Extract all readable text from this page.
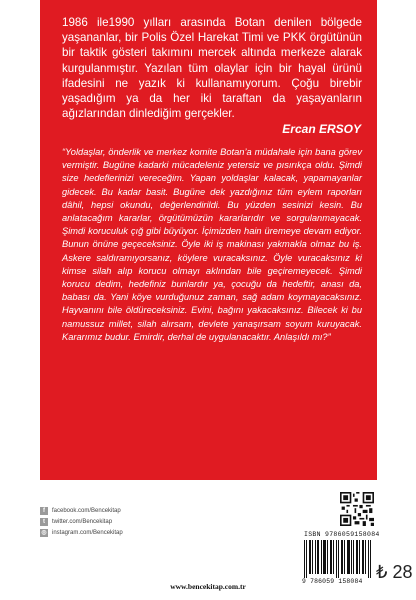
1986 ile1990 yılları arasında Botan denilen bölgede yaşananlar, bir Polis Özel Harekat Timi ve PKK örgütünün bir taktik gösteri takımını mercek altında merkeze alarak kurgulanmıştır. Yazılan tüm olaylar için bir hayal ürünü ifadesini ne yazık ki kullanamıyorum. Çoğu birebir yaşadığım ya da her iki taraftan da yaşayanların ağızlarından dinlediğim gerçekler.

Ercan ERSOY

“Yoldaşlar, önderlik ve merkez komite Botan’a müdahale için bana görev vermiştir. Bugüne kadarki mücadeleniz yetersiz ve pısırıkça oldu. Şimdi size hedeflerinizi vereceğim. Yapan yoldaşlar kalacak, yapamayanlar gidecek. Bu kadar basit. Bugüne dek yazdığınız tüm eylem raporları dâhil, hepsi okundu, değerlendirildi. Bu yüzden sesinizi kesin. Bu anlatacağım kararlar, örgütümüzün kararlarıdır ve sorgulanmayacak. Şimdi koruculuk çığ gibi büyüyor. İçimizden hain üremeye devam ediyor. Bunun önüne geçeceksiniz. Öyle iki iş makinası yakmakla olmaz bu iş. Askere saldıramıyorsanız, köylere vuracaksınız. Öyle vuracaksınız ki kimse silah alıp korucu olmayı aklından bile geçiremeyecek. Şimdi korucu dedim, hedefiniz bunlardır ya, çocuğu da hedeftir, anası da, babası da. Yani köye vurduğunuz zaman, sağ adam koymayacaksınız. Hayvanını bile öldüreceksiniz. Evini, bağını yakacaksınız. Bilecek ki bu namussuz millet, silah alırsam, devlete yanaşırsam soyum kuruyacak. Kararımız budur. Emirdir, derhal de uygulanacaktır. Anlaşıldı mı?”

f	facebook.com/Bencekitap
t	twitter.com/Bencekitap
◎ instagram.com/Bencekitap	ISBN 9786059158084
9 786059 158084
www.bencekitap.com.tr
₺ 28
